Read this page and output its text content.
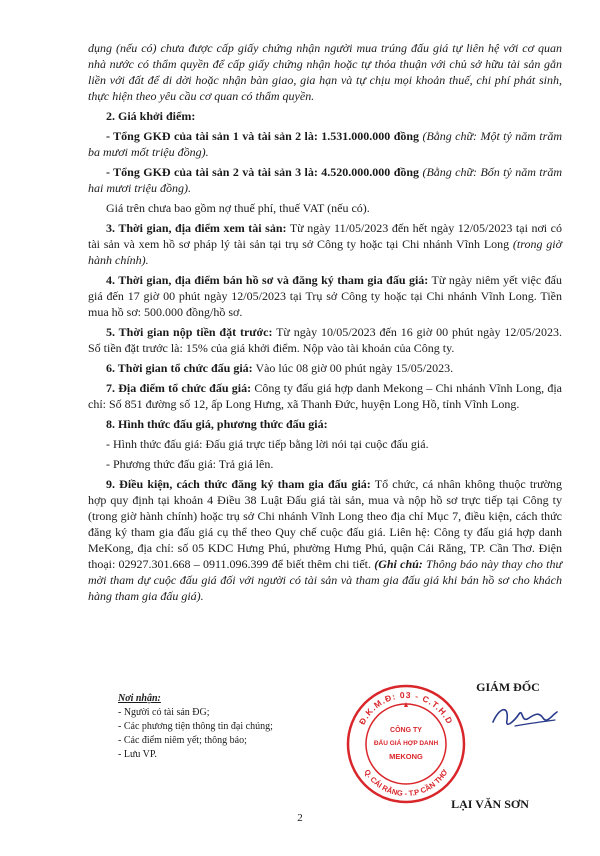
dụng (nếu có) chưa được cấp giấy chứng nhận người mua trúng đấu giá tự liên hệ với cơ quan nhà nước có thẩm quyền để cấp giấy chứng nhận hoặc tự thỏa thuận với chủ sở hữu tài sản gắn liền với đất để di dời hoặc nhận bàn giao, gia hạn và tự chịu mọi khoản thuế, chi phí phát sinh, thực hiện theo yêu cầu cơ quan có thẩm quyền.

2. Giá khởi điểm:

- Tổng GKĐ của tài sản 1 và tài sản 2 là: 1.531.000.000 đồng (Bằng chữ: Một tỷ năm trăm ba mươi mốt triệu đồng).

- Tổng GKĐ của tài sản 2 và tài sản 3 là: 4.520.000.000 đồng (Bằng chữ: Bốn tỷ năm trăm hai mươi triệu đồng).

Giá trên chưa bao gồm nợ thuế phí, thuế VAT (nếu có).

3. Thời gian, địa điểm xem tài sản: Từ ngày 11/05/2023 đến hết ngày 12/05/2023 tại nơi có tài sản và xem hồ sơ pháp lý tài sản tại trụ sở Công ty hoặc tại Chi nhánh Vĩnh Long (trong giờ hành chính).

4. Thời gian, địa điểm bán hồ sơ và đăng ký tham gia đấu giá: Từ ngày niêm yết việc đấu giá đến 17 giờ 00 phút ngày 12/05/2023 tại Trụ sở Công ty hoặc tại Chi nhánh Vĩnh Long. Tiền mua hồ sơ: 500.000 đồng/hồ sơ.

5. Thời gian nộp tiền đặt trước: Từ ngày 10/05/2023 đến 16 giờ 00 phút ngày 12/05/2023. Số tiền đặt trước là: 15% của giá khởi điểm. Nộp vào tài khoản của Công ty.

6. Thời gian tổ chức đấu giá: Vào lúc 08 giờ 00 phút ngày 15/05/2023.

7. Địa điểm tổ chức đấu giá: Công ty đấu giá hợp danh Mekong – Chi nhánh Vĩnh Long, địa chỉ: Số 851 đường số 12, ấp Long Hưng, xã Thanh Đức, huyện Long Hồ, tỉnh Vĩnh Long.

8. Hình thức đấu giá, phương thức đấu giá:

- Hình thức đấu giá: Đấu giá trực tiếp bằng lời nói tại cuộc đấu giá.

- Phương thức đấu giá: Trả giá lên.

9. Điều kiện, cách thức đăng ký tham gia đấu giá: Tổ chức, cá nhân không thuộc trường hợp quy định tại khoản 4 Điều 38 Luật Đấu giá tài sản, mua và nộp hồ sơ trực tiếp tại Công ty (trong giờ hành chính) hoặc trụ sở Chi nhánh Vĩnh Long theo địa chỉ Mục 7, điều kiện, cách thức đăng ký tham gia đấu giá cụ thể theo Quy chế cuộc đấu giá. Liên hệ: Công ty đấu giá hợp danh MeKong, địa chỉ: số 05 KDC Hưng Phú, phường Hưng Phú, quận Cái Răng, TP. Cần Thơ. Điện thoại: 02927.301.668 – 0911.096.399 để biết thêm chi tiết. (Ghi chú: Thông báo này thay cho thư mời tham dự cuộc đấu giá đối với người có tài sản và tham gia đấu giá khi bán hồ sơ cho khách hàng tham gia đấu giá).

Nơi nhận:
- Người có tài sản ĐG;
- Các phương tiện thông tin đại chúng;
- Các điểm niêm yết; thông báo;
- Lưu VP.
Đ.K.M.Đ: 03 - C.T.H.D
Q. CÁI RĂNG - T.P CẦN THƠ
CÔNG TY
ĐẤU GIÁ HỢP DANH
MEKONG
GIÁM ĐỐC
LẠI VĂN SƠN
2
